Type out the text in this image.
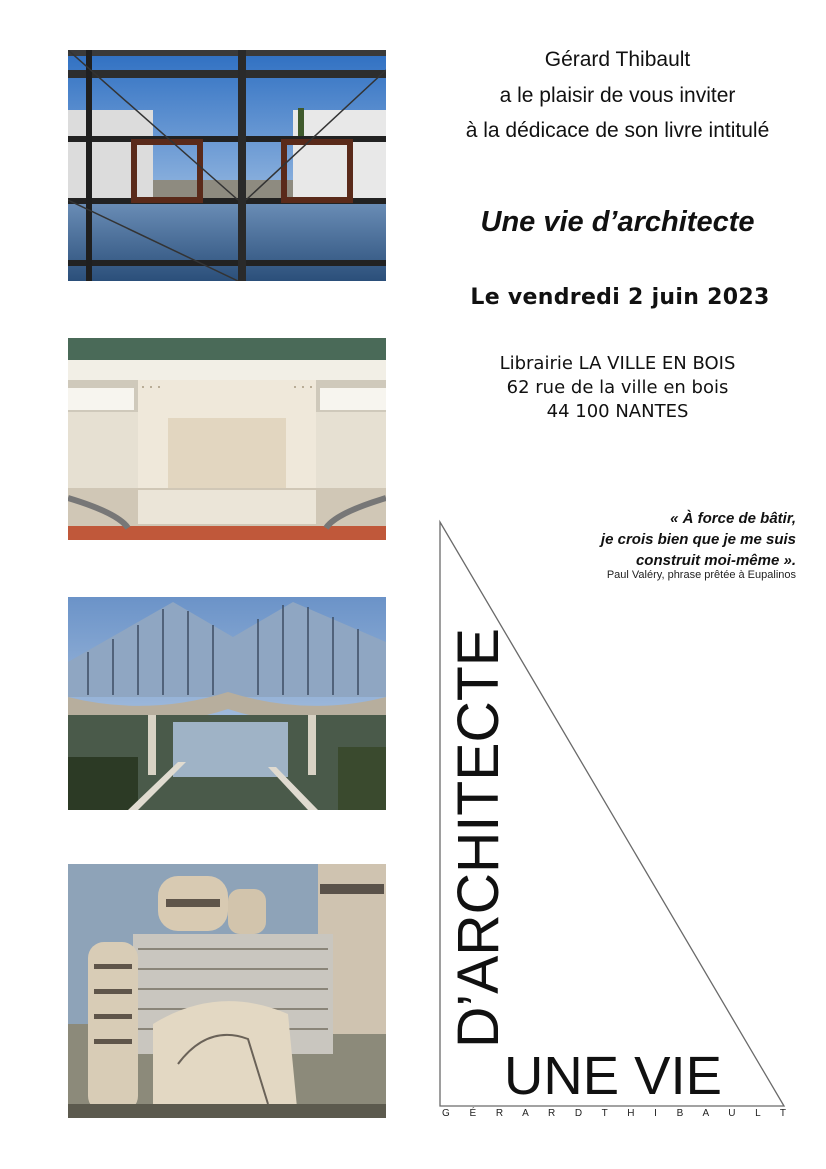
Gérard Thibault
a le plaisir de vous inviter
à la dédicace de son livre intitulé
Une vie d’architecte
Le vendredi 2 juin 2023
Librairie LA VILLE EN BOIS
62 rue de la ville en bois
44 100 NANTES
« À force de bâtir,
je crois bien que je me suis
construit moi-même ».
Paul Valéry, phrase prêtée à Eupalinos
D’ARCHITECTE
UNE VIE
G É R A R D T H I B A U L T
